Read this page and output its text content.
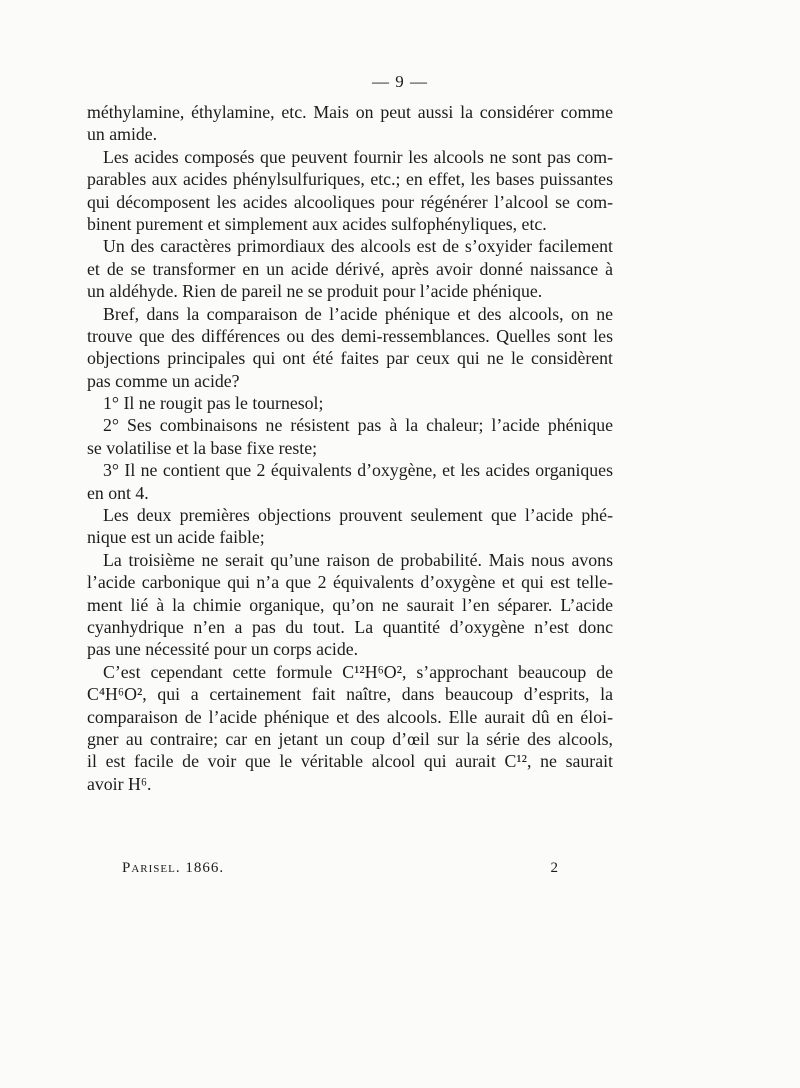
— 9 —
méthylamine, éthylamine, etc. Mais on peut aussi la considérer comme
un amide.
Les acides composés que peuvent fournir les alcools ne sont pas com-
parables aux acides phénylsulfuriques, etc.; en effet, les bases puissantes
qui décomposent les acides alcooliques pour régénérer l’alcool se com-
binent purement et simplement aux acides sulfophényliques, etc.
Un des caractères primordiaux des alcools est de s’oxyider facilement
et de se transformer en un acide dérivé, après avoir donné naissance à
un aldéhyde. Rien de pareil ne se produit pour l’acide phénique.
Bref, dans la comparaison de l’acide phénique et des alcools, on ne
trouve que des différences ou des demi-ressemblances. Quelles sont les
objections principales qui ont été faites par ceux qui ne le considèrent
pas comme un acide?
1° Il ne rougit pas le tournesol;
2° Ses combinaisons ne résistent pas à la chaleur; l’acide phénique
se volatilise et la base fixe reste;
3° Il ne contient que 2 équivalents d’oxygène, et les acides organiques
en ont 4.
Les deux premières objections prouvent seulement que l’acide phé-
nique est un acide faible;
La troisième ne serait qu’une raison de probabilité. Mais nous avons
l’acide carbonique qui n’a que 2 équivalents d’oxygène et qui est telle-
ment lié à la chimie organique, qu’on ne saurait l’en séparer. L’acide
cyanhydrique n’en a pas du tout. La quantité d’oxygène n’est donc
pas une nécessité pour un corps acide.
C’est cependant cette formule C¹²H⁶O², s’approchant beaucoup de
C⁴H⁶O², qui a certainement fait naître, dans beaucoup d’esprits, la
comparaison de l’acide phénique et des alcools. Elle aurait dû en éloi-
gner au contraire; car en jetant un coup d’œil sur la série des alcools,
il est facile de voir que le véritable alcool qui aurait C¹², ne saurait
avoir H⁶.
Parisel. 1866.	2
